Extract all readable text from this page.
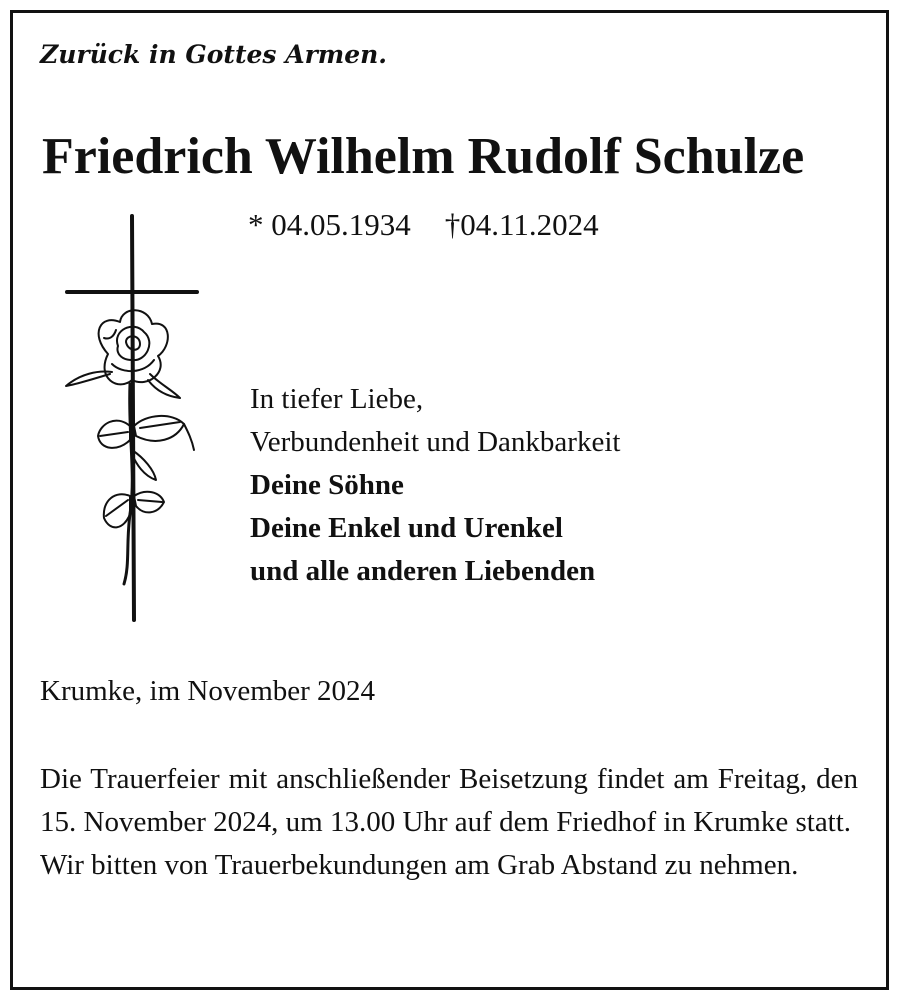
Zurück in Gottes Armen.
Friedrich Wilhelm Rudolf Schulze
* 04.05.1934 †04.11.2024
In tiefer Liebe,
Verbundenheit und Dankbarkeit
Deine Söhne
Deine Enkel und Urenkel
und alle anderen Liebenden
Krumke, im November 2024

Die Trauerfeier mit anschließender Beisetzung findet am Freitag, den 15. November 2024, um 13.00 Uhr auf dem Friedhof in Krumke statt.

Wir bitten von Trauerbekundungen am Grab Abstand zu nehmen.
